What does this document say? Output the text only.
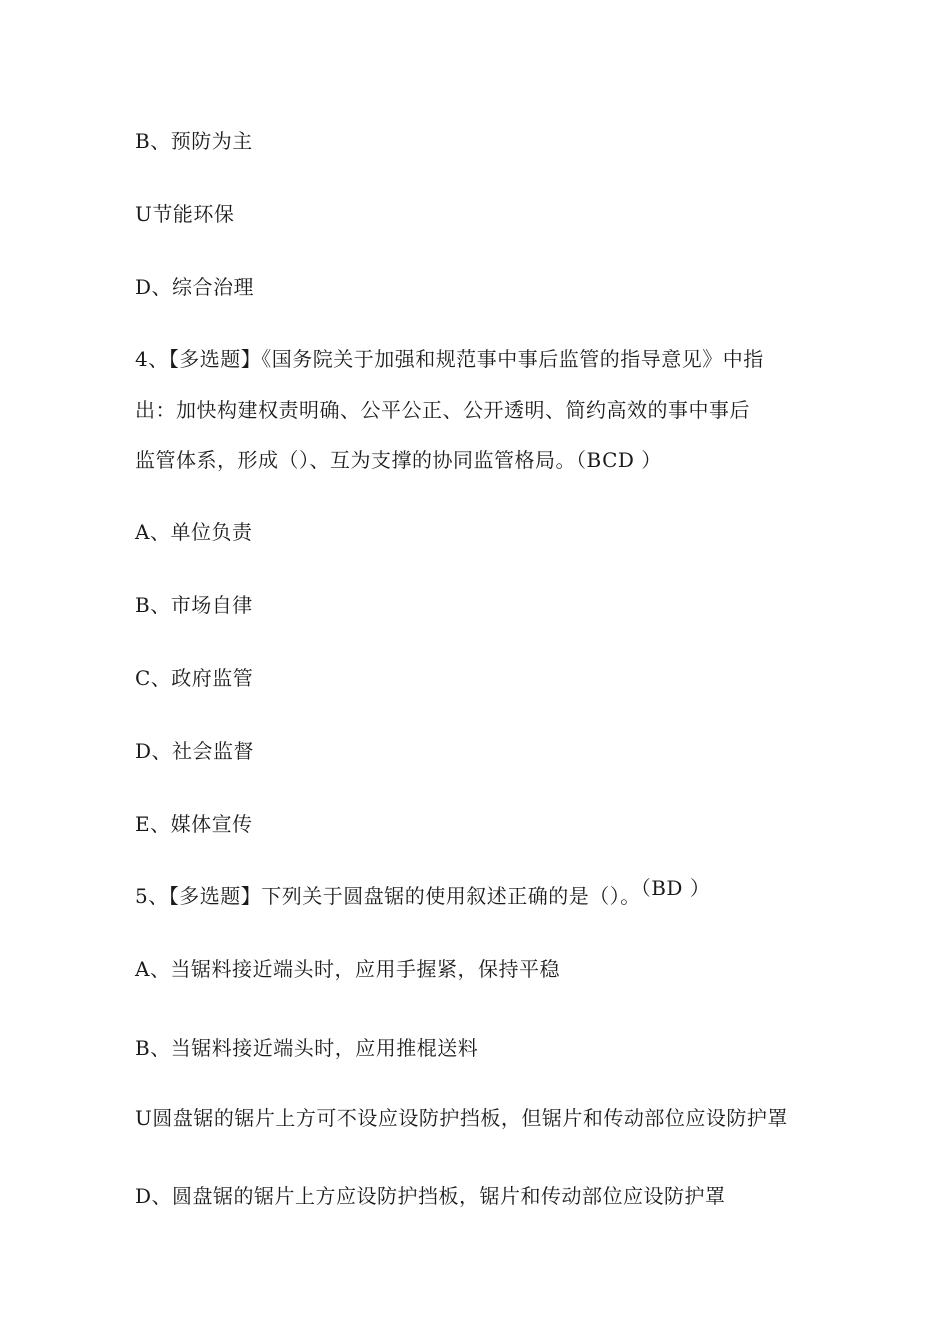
B、预防为主
U节能环保
D、综合治理
4、【多选题】《国务院关于加强和规范事中事后监管的指导意见》中指
出：加快构建权责明确、公平公正、公开透明、简约高效的事中事后
监管体系，形成（）、互为支撑的协同监管格局。（BCD ）
A、单位负责
B、市场自律
C、政府监管
D、社会监督
E、媒体宣传
5、【多选题】下列关于圆盘锯的使用叙述正确的是（）。（BD ）
A、当锯料接近端头时，应用手握紧，保持平稳
B、当锯料接近端头时，应用推棍送料
U圆盘锯的锯片上方可不设应设防护挡板，但锯片和传动部位应设防护罩
D、圆盘锯的锯片上方应设防护挡板，锯片和传动部位应设防护罩
